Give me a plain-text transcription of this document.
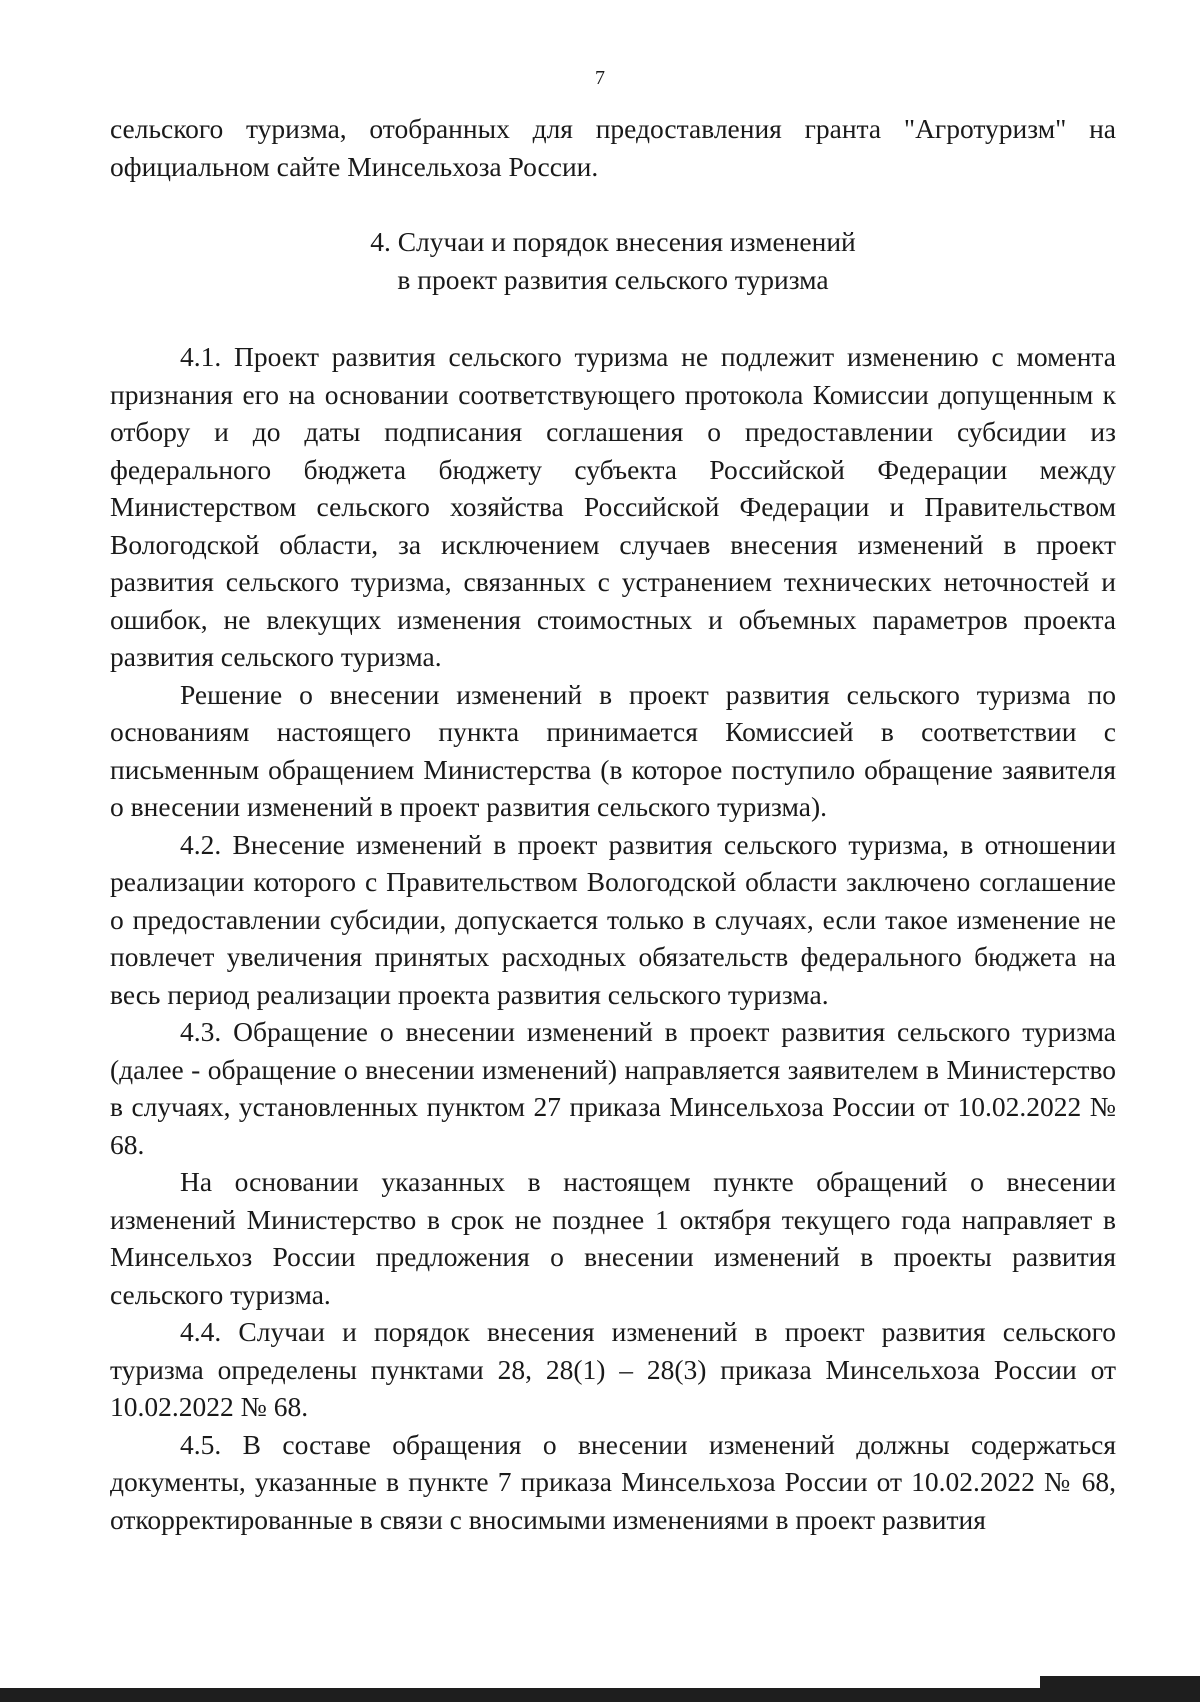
7

сельского туризма, отобранных для предоставления гранта "Агротуризм" на официальном сайте Минсельхоза России.

4. Случаи и порядок внесения изменений
в проект развития сельского туризма

4.1. Проект развития сельского туризма не подлежит изменению с момента признания его на основании соответствующего протокола Комиссии допущенным к отбору и до даты подписания соглашения о предоставлении субсидии из федерального бюджета бюджету субъекта Российской Федерации между Министерством сельского хозяйства Российской Федерации и Правительством Вологодской области, за исключением случаев внесения изменений в проект развития сельского туризма, связанных с устранением технических неточностей и ошибок, не влекущих изменения стоимостных и объемных параметров проекта развития сельского туризма.

Решение о внесении изменений в проект развития сельского туризма по основаниям настоящего пункта принимается Комиссией в соответствии с письменным обращением Министерства (в которое поступило обращение заявителя о внесении изменений в проект развития сельского туризма).

4.2. Внесение изменений в проект развития сельского туризма, в отношении реализации которого с Правительством Вологодской области заключено соглашение о предоставлении субсидии, допускается только в случаях, если такое изменение не повлечет увеличения принятых расходных обязательств федерального бюджета на весь период реализации проекта развития сельского туризма.

4.3. Обращение о внесении изменений в проект развития сельского туризма (далее - обращение о внесении изменений) направляется заявителем в Министерство в случаях, установленных пунктом 27 приказа Минсельхоза России от 10.02.2022 № 68.

На основании указанных в настоящем пункте обращений о внесении изменений Министерство в срок не позднее 1 октября текущего года направляет в Минсельхоз России предложения о внесении изменений в проекты развития сельского туризма.

4.4. Случаи и порядок внесения изменений в проект развития сельского туризма определены пунктами 28, 28(1) – 28(3) приказа Минсельхоза России от 10.02.2022 № 68.

4.5. В составе обращения о внесении изменений должны содержаться документы, указанные в пункте 7 приказа Минсельхоза России от 10.02.2022 № 68, откорректированные в связи с вносимыми изменениями в проект развития
